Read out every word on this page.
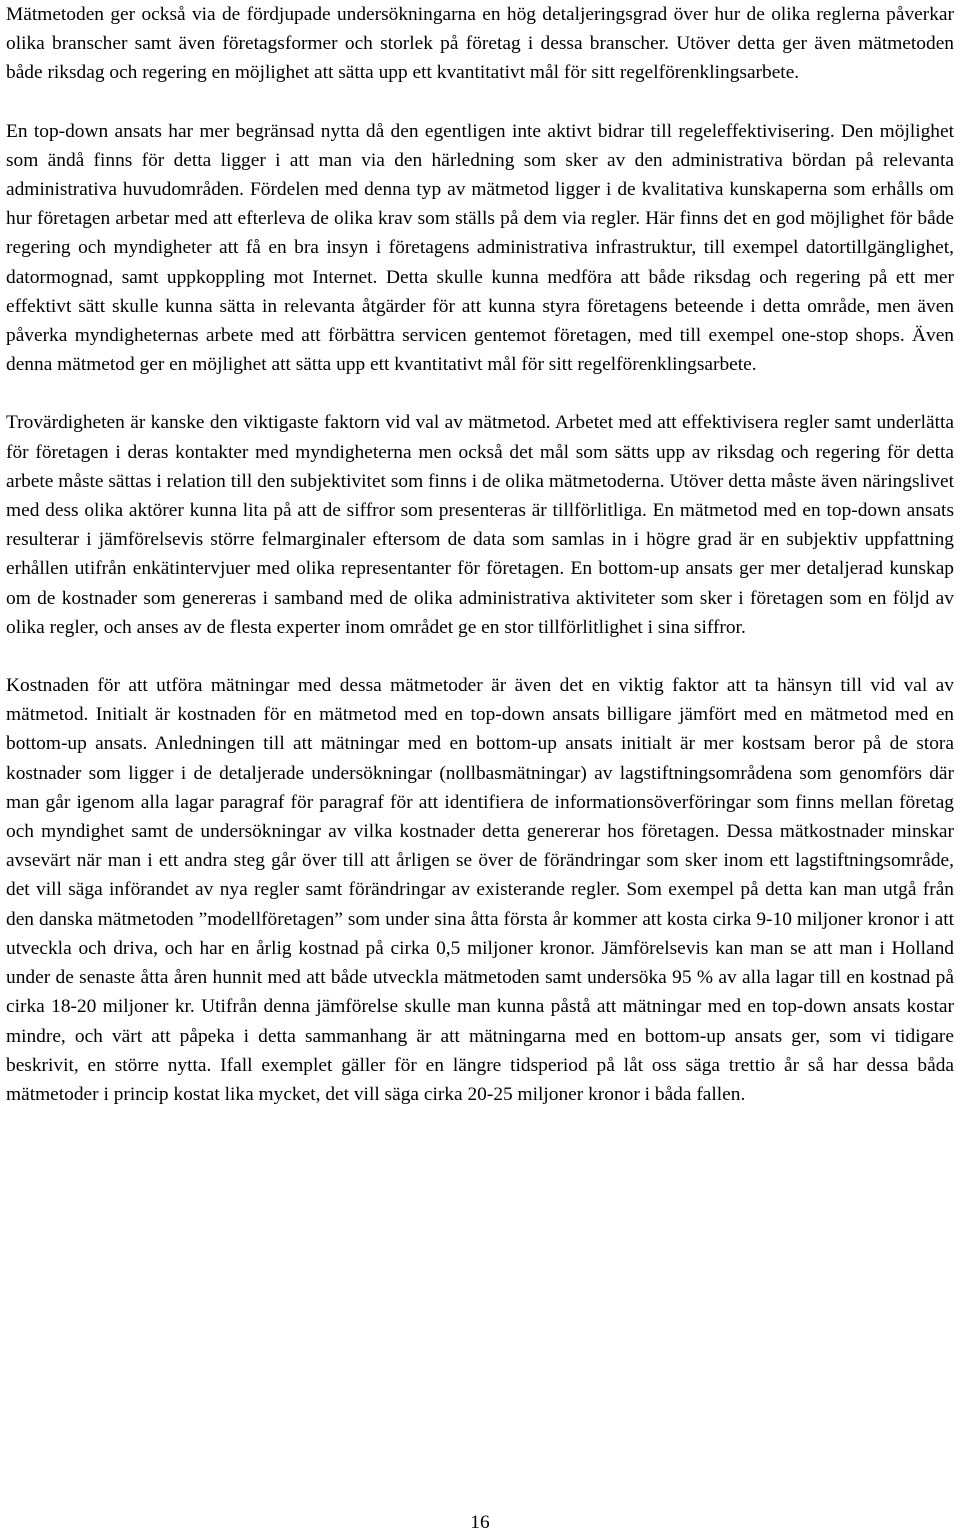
Mätmetoden ger också via de fördjupade undersökningarna en hög detaljeringsgrad över hur de olika reglerna påverkar olika branscher samt även företagsformer och storlek på företag i dessa branscher. Utöver detta ger även mätmetoden både riksdag och regering en möjlighet att sätta upp ett kvantitativt mål för sitt regelförenklingsarbete.

En top-down ansats har mer begränsad nytta då den egentligen inte aktivt bidrar till regeleffektivisering. Den möjlighet som ändå finns för detta ligger i att man via den härledning som sker av den administrativa bördan på relevanta administrativa huvudområden. Fördelen med denna typ av mätmetod ligger i de kvalitativa kunskaperna som erhålls om hur företagen arbetar med att efterleva de olika krav som ställs på dem via regler. Här finns det en god möjlighet för både regering och myndigheter att få en bra insyn i företagens administrativa infrastruktur, till exempel datortillgänglighet, datormognad, samt uppkoppling mot Internet. Detta skulle kunna medföra att både riksdag och regering på ett mer effektivt sätt skulle kunna sätta in relevanta åtgärder för att kunna styra företagens beteende i detta område, men även påverka myndigheternas arbete med att förbättra servicen gentemot företagen, med till exempel one-stop shops. Även denna mätmetod ger en möjlighet att sätta upp ett kvantitativt mål för sitt regelförenklingsarbete.

Trovärdigheten är kanske den viktigaste faktorn vid val av mätmetod. Arbetet med att effektivisera regler samt underlätta för företagen i deras kontakter med myndigheterna men också det mål som sätts upp av riksdag och regering för detta arbete måste sättas i relation till den subjektivitet som finns i de olika mätmetoderna. Utöver detta måste även näringslivet med dess olika aktörer kunna lita på att de siffror som presenteras är tillförlitliga. En mätmetod med en top-down ansats resulterar i jämförelsevis större felmarginaler eftersom de data som samlas in i högre grad är en subjektiv uppfattning erhållen utifrån enkätintervjuer med olika representanter för företagen. En bottom-up ansats ger mer detaljerad kunskap om de kostnader som genereras i samband med de olika administrativa aktiviteter som sker i företagen som en följd av olika regler, och anses av de flesta experter inom området ge en stor tillförlitlighet i sina siffror.

Kostnaden för att utföra mätningar med dessa mätmetoder är även det en viktig faktor att ta hänsyn till vid val av mätmetod. Initialt är kostnaden för en mätmetod med en top-down ansats billigare jämfört med en mätmetod med en bottom-up ansats. Anledningen till att mätningar med en bottom-up ansats initialt är mer kostsam beror på de stora kostnader som ligger i de detaljerade undersökningar (nollbasmätningar) av lagstiftningsområdena som genomförs där man går igenom alla lagar paragraf för paragraf för att identifiera de informationsöverföringar som finns mellan företag och myndighet samt de undersökningar av vilka kostnader detta genererar hos företagen. Dessa mätkostnader minskar avsevärt när man i ett andra steg går över till att årligen se över de förändringar som sker inom ett lagstiftningsområde, det vill säga införandet av nya regler samt förändringar av existerande regler. Som exempel på detta kan man utgå från den danska mätmetoden ”modellföretagen” som under sina åtta första år kommer att kosta cirka 9-10 miljoner kronor i att utveckla och driva, och har en årlig kostnad på cirka 0,5 miljoner kronor. Jämförelsevis kan man se att man i Holland under de senaste åtta åren hunnit med att både utveckla mätmetoden samt undersöka 95 % av alla lagar till en kostnad på cirka 18-20 miljoner kr. Utifrån denna jämförelse skulle man kunna påstå att mätningar med en top-down ansats kostar mindre, och värt att påpeka i detta sammanhang är att mätningarna med en bottom-up ansats ger, som vi tidigare beskrivit, en större nytta. Ifall exemplet gäller för en längre tidsperiod på låt oss säga trettio år så har dessa båda mätmetoder i princip kostat lika mycket, det vill säga cirka 20-25 miljoner kronor i båda fallen.

16
